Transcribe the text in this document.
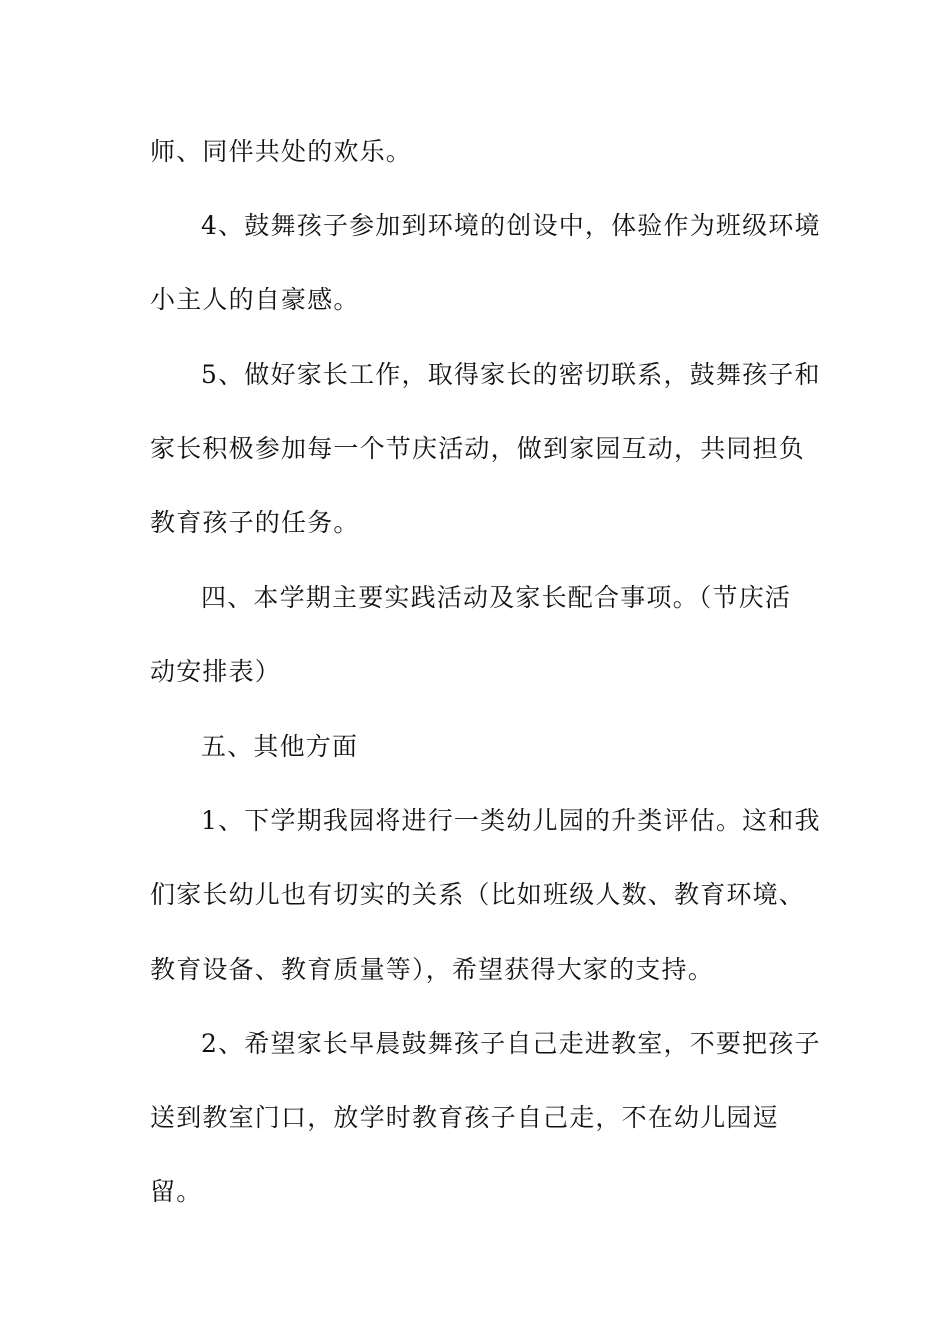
师、同伴共处的欢乐。
4、鼓舞孩子参加到环境的创设中，体验作为班级环境
小主人的自豪感。
5、做好家长工作，取得家长的密切联系，鼓舞孩子和
家长积极参加每一个节庆活动，做到家园互动，共同担负
教育孩子的任务。
四、本学期主要实践活动及家长配合事项。（节庆活
动安排表）
五、其他方面
1、下学期我园将进行一类幼儿园的升类评估。这和我
们家长幼儿也有切实的关系（比如班级人数、教育环境、
教育设备、教育质量等），希望获得大家的支持。
2、希望家长早晨鼓舞孩子自己走进教室，不要把孩子
送到教室门口，放学时教育孩子自己走，不在幼儿园逗
留。
